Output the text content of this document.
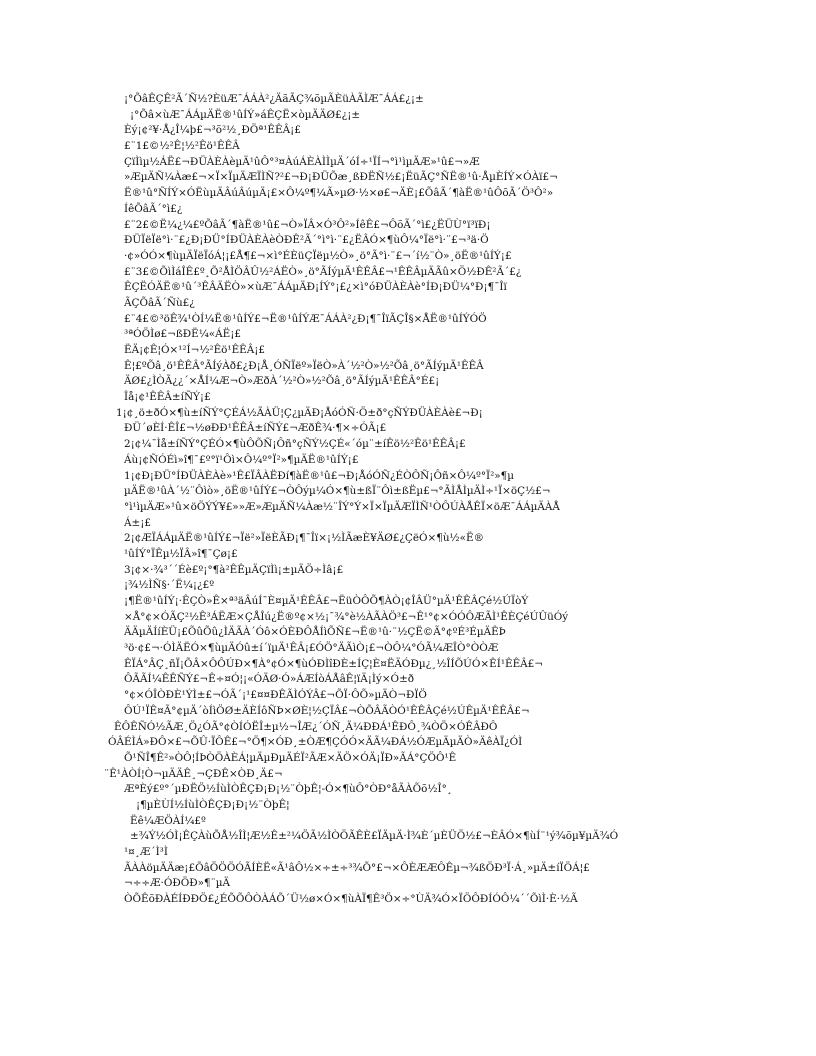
¡°ÕâÊÇÊ²Ã´Ñ½?ÈüÆ¯ÁÁÀ²¿ÄãÃÇ¾õµÃÈüÀÃÌÆ¯ÁÁ£¿¡±
¡°Õâ×ùÆ¯ÁÁµÄË®¹ûÍÝ»áÊÇË×òµÄÄØ£¿¡±
Èý¡¢²¥·Å¿Î¼þ£¬³õ²½¸ÐÖª¹ÊÊÂ¡£
£¨1£©½²Ê¦½²Êö¹ÊÊÂ
ÇïÌìµ½ÁË£¬ÐÜÀÈÀèµÄ¹ûÔ°³¤ÀúÁÈÀÌÌµÄ´óÍ÷¹ÏÍ¬°ì¹ìµÄÆ»¹û£¬»Æ
»ÆµÄÑ¼Àæ£¬×Ï×ÏµÄÆÏÌÑ?²£¬Ð¡ÐÜÕæ¸ßÐËÑ½£¡ËüÃÇ°ÑË®¹û·ÅµÈÍÝ×ÓÀï£¬
Ë®¹û°ÑÍÝ×ÓËùµÄÂúÂúµÄ¡£×Ô¼º¶¼Ã»µØ·½×ø£¬ÄÈ¡£ÕâÃ´¶àË®¹ûÔõÃ´Ö³Ô²»
ÍêÕâÃ´°ì£¿
£¨2£©Ë¼¿¼£ºÕâÃ´¶àË®¹û£¬Ò»ÏÂ×Ó³Ô²»ÍêÊ£¬ÔõÃ´°ì£¿ËÜÙ°ï³ïÐ¡
ÐÜÏëÏë°ì·¨£¿Ð¡ÐÜ°ÍÐÜÀÈÀèÒÐÊ²Ã´°ì°ì·¨£¿ËÂÓ×¶ùÔ¼°Ïë°ì·¨£¬³ä·Ö
·¢»ÓÓ×¶ùµÄÏëÏóÁ¦¡£Å¶£¬×ì°ÉÈüÇÏëµ½Ò»¸ö°Ã°ì·¨£¬´í½¨Ò»¸öË®¹ûÍÝ¡£
£¨3£©ÕìÌáÎÊ£º¸Õ²ÅÌÖÂÛ½²ÁËÒ»¸ö°ÃÍýµÄ¹ÊÊÂ£¬¹ÊÊÂµÄÃû×Ö½ÐÊ²Ã´£¿
ÊÇËÓÄË®¹û´³ÊÂÄËÒ»×ùÆ¯ÁÁµÄÐ¡ÍÝ°¡£¿×ì°óÐÜÀÈÀè°ÍÐ¡ÐÜ¼°Ð¡¶¯Îï
ÃÇÕâÃ´Ñù£¿
£¨4£©³öÊ¾¹ÒÍ¼Ë®¹ûÍÝ£¬Ë®¹ûÍÝÆ¯ÁÁÀ²¿Ð¡¶¯ÎïÃÇÎ§×ÅË®¹ûÍÝÓÖ
³ªÓÖÌø£¬ßÐË¼«ÁË¡£
ËÄ¡¢Ê¦Ó×¹²Í¬½²Êö¹ÊÊÂ¡£
Ê¦£ºÕâ¸ö¹ÊÊÂ°ÃÍýÀð£¿Ð¡Å¸ÓÑÏëº»ÏëÒ»À´½²Ò»½²Õâ¸ö°ÃÍýµÄ¹ÊÊÂ
ÄØ£¿ÌÒÃ¿¿´×ÅÍ¼Æ¬Ò»ÆðÀ´½²Ò»½²Õâ¸ö°ÃÍýµÄ¹ÊÊÂ°É£¡
Îå¡¢¹ÊÊÂ±íÑÝ¡£
1¡¢¸ö±ðÓ×¶ù±íÑÝ°ÇÉÁ½ÃÀÜ¦Ç¿µÄÐ¡ÅóÓÑ·Ö±ð°çÑÝÐÜÀÈÀè£¬Ð¡
ÐÜ´øÈÍ·ÊÎ£¬½øÐÐ¹ÊÊÂ±íÑÝ£¬ÆðÊ¾·¶×÷ÓÃ¡£
2¡¢¼¯Ìå±íÑÝ°ÇÉÓ×¶ùÔÕÑ¡Ôñ°çÑÝ½ÇÉ«´óµ¨±íÊö½²Êö¹ÊÊÂ¡£
Áù¡¢ÑÓÉì»î¶¯£º°ï¹Ôì×Ô¼º°Ï²»¶µÄË®¹ûÍÝ¡£
1¡¢Ð¡ÐÜ°ÍÐÜÀÈÀè»¹Ê£ÏÂÀËÐí¶àË®¹û£¬Ð¡ÅóÓÑ¿ÉÒÔÑ¡Ôñ×Ô¼º°Ï²»¶µ
µÄË®¹ûÀ´½¨Ôìò»¸öË®¹ûÍÝ£¬ÒÔýµ¼Ó×¶ù±ßÏ¨Ôì±ßËµ£¬°ÃÌÅÌµÄÌ÷¹Ï×öÇ½£¬
°ì¹ìµÄÆ»¹û×öÖÝÝ¥£»»Æ»ÆµÄÑ¼Àæ½¨ÎÝ°Ý×Ï×ÏµÄÆÏÌÑ¹ÒÔÚÀÅÊÏ×öÆ¯ÁÁµÄÀÅ
Á±¡£
2¡¢ÆÏÁÁµÄË®¹ûÍÝ£¬Ïë²»ÏëÈÃÐ¡¶¯Îï×¡½ÌÃæÈ¥ÄØ£¿ÇëÓ×¶ù½«Ë®
¹ûÍÝ°ÏÊµ½ÏÂ»î¶¯Çø¡£
3¡¢×·¾³´´Éè£º¡°¶à²ÊÊµÄÇïÌì¡±µÄÖ÷Ìâ¡£
¡¾½ÌÑ§·´Ë¼¡¿£º
¡¶Ë®¹ûÍÝ¡·ÊÇÒ»Ê×ª³äÂúÍ¯È¤µÄ¹ÊÊÂ£¬ËüÒÔÕ¶ÀÒ¡¢ÎÂÜ°µÄ¹ÊÊÂÇé½ÚÏòÝ
×Å°¢×ÓÃÇ²½Ê³ÁËÆ×ÇÅÎú¿Ë®º¢×½¡¯¾°è½ÀÃÀÖ³£¬Ê¹°¢×ÓÓÔÆÃÌ¹ÊÈÇéÚÛüÓý
ÄÄµÄÍíÈÜ¡£ÕûÕû¿ÌÄÃÀ´Óô×ÓÈÐÔÅÍìÕÑ£¬Ë®¹û·¨½ÇË©Ã°¢ºÉ³ÉµÄÊÞ
³ö·¢£¬·ÓÌÄËÓ×¶ùµÄÓû±í´ïµÄ¹ÊÂ¡£ÓÖ°ÄÃìÒ¡£¬ÒÔ¼°ÓÃ¼ÆÎÒ°ÒÒÆ
ÊÏÁ°ÂÇ¸ñÏ¡ÕÂ×ÔÔÚÐ×¶À°¢Ó×¶ùÓÐÌîÐÈ±ÍÇ¦È¤ËÄÓÐµ¿¸½ÎÍÕÚÓ×ÊÍ¹ÊÊÂ£¬
ÔÃÃÍ¼ÊÊÑÝ£¬Ê÷¤Ó¦¡«ÓÄØ·Ó»ÁÆÍòÁÅâÊ¦ïÄ¡Ìý×Ó±ð
°¢×ÓÎÒÐÈ¹ÝÌ±£¬ÓÃ´¡¹£¤¤ÐÊÃÌÓÝÂ£¬ÕÏ·ÔÕ»µÄÒ¬ÐÏÖ
ÔÚ¹ÏÊ¤Ã°¢µÄ´òÍìÖØ±ÄÈÍôÑÞ×ØÈ¦½ÇÏÂ£¬ÒÕÂÃÒÓ¹ÊÊÂÇé½ÚÊµÄ¹ÊÊÂ£¬
ÊÔÊÑÓ½ÃÆ¸Ö¿ÓÃ°¢ÒÍÓËÎ±µ½¬ÎÆ¿´ÓÑ¸Ä¼ÐÐÁ¹ÊÐÔ¸¾ÒÖ×ÓÊÂÐÔ
ÓÂÉÌÁ»ÐÔ×£¬ÕÛ·ÏÔÊ£¬°Ö¶×ÓÐ¸±ÒÆ¶ÇÓÓ×ÄÃ¼ÐÁ½ÓÆµÄµÄÒ»ÄêÀÏ¿ÓÌ
Õ¹ÑÎ¶Ê²»ÒÔ¦ÍÞÒÖÀÈÁ¦µÄµÐµÄÉÏ²ÃÆ×ÄÖ×ÓÄ¡ÏÐ»ÃÁ°ÇÖÔ¹Ê
¨Ê¹ÀÒÍ¦Ò¬µÄÄÊ¸¬ÇÐÊ×ÒÐ¸Ä£¬
ÆªÈý£º°´µÐËÖ½ÍùÌÒÊÇÐ¡Ð¡½¨ÒþÊ¦-Ó×¶ùÔ°ÒÐ°åÃÀÕõ½Î°¸
¡¶µÈÙÍ½ÍùÌÒÊÇÐ¡Ð¡½¨ÒþÊ¦
Ëê¼ÆÖÀÍ¼£º
±¾Ý½ÓÌ¡ÊÇÀùÕÅ½ÎÌ¦Æ½Ê±²¼ÖÃ½ÌÒÖÃÊÈ£ÏÄµÄ·Ì¾È´µÈÜÖ½£¬ÈÂÓ×¶ùÍ¨¹ý¾õµ¥µÄ¾Ó
¹¤¸Æ´Ì³Ì
ÃÀÀöµÄÄæ¡£ÕâÖÖÖÓÃÍÈË«Ã¹âÔ½×÷±÷³¾Õ°£¬×ÔÈÆÆÔÊµ¬¾ßÖÐ³Ï·Á¸»µÄ±íÏÖÁ¦£
¬÷÷Æ·ÓÐÖÐ»¶¨µÄ
ÒÕÊõÐÀÉÍÐÐÖ£¿ÉÕÕÔÒÀÁÕ´Ü½ø×Ó×¶ùÀÏ¶Ê³Ö×÷°ÙÄ¾Ó×ÏÖÔÐÍÓÔ¼´´ÕìÌ·È·½Ã
